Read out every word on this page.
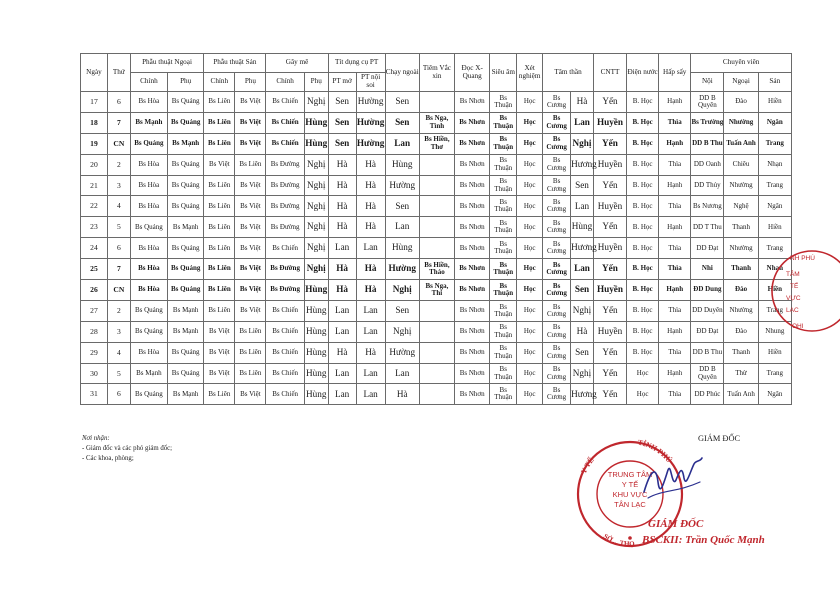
Ngày	Thứ	Phẫu thuật Ngoại		Phẫu thuật Sản		Gây mê		Tít dụng cụ PT		Chạy ngoài	Tiêm Vắc xin	Đọc X-Quang	Siêu âm	Xét nghiệm	Tâm thần		CNTT	Điện nước	Hấp sấy	Chuyên viên		
		Chính	Phụ	Chính	Phụ	Chính	Phụ	PT mở	PT nội soi											Nội	Ngoại	Sản
17	6	Bs Hòa	Bs Quảng	Bs Liên	Bs Việt	Bs Chiến	Nghị	Sen	Hường	Sen		Bs Nhơn	Bs Thuận	Học	Bs Cương	Hà	Yến	B. Học	Hạnh	DD B Quyên	Đào	Hiền
18	7	Bs Mạnh	Bs Quảng	Bs Liên	Bs Việt	Bs Chiến	Hùng	Sen	Hường	Sen	Bs Nga, Tình	Bs Nhơn	Bs Thuận	Học	Bs Cương	Lan	Huyền	B. Học	Thìa	Bs Trường	Nhường	Ngân
19	CN	Bs Quảng	Bs Mạnh	Bs Liên	Bs Việt	Bs Chiến	Hùng	Sen	Hường	Lan	Bs Hiền, Thơ	Bs Nhơn	Bs Thuận	Học	Bs Cương	Nghị	Yến	B. Học	Hạnh	DD B Thu	Tuấn Anh	Trang
20	2	Bs Hòa	Bs Quảng	Bs Việt	Bs Liên	Bs Đường	Nghị	Hà	Hà	Hùng		Bs Nhơn	Bs Thuận	Học	Bs Cương	Hương	Huyền	B. Học	Thìa	DD Oanh	Chiêu	Nhạn
21	3	Bs Hòa	Bs Quảng	Bs Liên	Bs Việt	Bs Đường	Nghị	Hà	Hà	Hường		Bs Nhơn	Bs Thuận	Học	Bs Cương	Sen	Yến	B. Học	Hạnh	DD Thủy	Nhường	Trang
22	4	Bs Hòa	Bs Quảng	Bs Liên	Bs Việt	Bs Đường	Nghị	Hà	Hà	Sen		Bs Nhơn	Bs Thuận	Học	Bs Cương	Lan	Huyền	B. Học	Thìa	Bs Nương	Nghệ	Ngân
23	5	Bs Quảng	Bs Mạnh	Bs Liên	Bs Việt	Bs Đường	Nghị	Hà	Hà	Lan		Bs Nhơn	Bs Thuận	Học	Bs Cương	Hùng	Yến	B. Học	Hạnh	DD T Thu	Thanh	Hiền
24	6	Bs Hòa	Bs Quảng	Bs Liên	Bs Việt	Bs Chiến	Nghị	Lan	Lan	Hùng		Bs Nhơn	Bs Thuận	Học	Bs Cương	Hương	Huyền	B. Học	Thìa	DD Đạt	Nhường	Trang
25	7	Bs Hòa	Bs Quảng	Bs Liên	Bs Việt	Bs Đường	Nghị	Hà	Hà	Hường	Bs Hiền, Thảo	Bs Nhơn	Bs Thuận	Học	Bs Cương	Lan	Yến	B. Học	Thìa	Nhi	Thanh	Nhạn
26	CN	Bs Hòa	Bs Quảng	Bs Liên	Bs Việt	Bs Đường	Hùng	Hà	Hà	Nghị	Bs Nga, Thi	Bs Nhơn	Bs Thuận	Học	Bs Cương	Sen	Huyền	B. Học	Hạnh	ĐD Dung	Đào	Hiền
27	2	Bs Quảng	Bs Mạnh	Bs Liên	Bs Việt	Bs Chiến	Hùng	Lan	Lan	Sen		Bs Nhơn	Bs Thuận	Học	Bs Cương	Nghị	Yến	B. Học	Thìa	DD Duyên	Nhường	Trang
28	3	Bs Quảng	Bs Mạnh	Bs Việt	Bs Liên	Bs Chiến	Hùng	Lan	Lan	Nghị		Bs Nhơn	Bs Thuận	Học	Bs Cương	Hà	Huyền	B. Học	Hạnh	ĐD Đạt	Đào	Nhung
29	4	Bs Hòa	Bs Quảng	Bs Việt	Bs Liên	Bs Chiến	Hùng	Hà	Hà	Hường		Bs Nhơn	Bs Thuận	Học	Bs Cương	Sen	Yến	B. Học	Thìa	DD B Thu	Thanh	Hiền
30	5	Bs Mạnh	Bs Quảng	Bs Việt	Bs Liên	Bs Chiến	Hùng	Lan	Lan	Lan		Bs Nhơn	Bs Thuận	Học	Bs Cương	Nghị	Yến	Học	Hạnh	DD B Quyên	Thừ	Trang
31	6	Bs Quảng	Bs Mạnh	Bs Liên	Bs Việt	Bs Chiến	Hùng	Lan	Lan	Hà		Bs Nhơn	Bs Thuận	Học	Bs Cương	Hương	Yến	Học	Thìa	DD Phúc	Tuấn Anh	Ngân
Nơi nhận:
- Giám đốc và các phó giám đốc;
- Các khoa, phòng;
Y TẾ
TỈNH PHÚ
SỞ ... THỌ
TRUNG TÂM
Y TẾ
KHU VỰC
TÂN LẠC
GIÁM ĐỐC
GIÁM ĐỐC
BSCKII: Trần Quốc Mạnh
NH PHÚ
TÂM
TẾ
VỰC
LẠC
OHI
